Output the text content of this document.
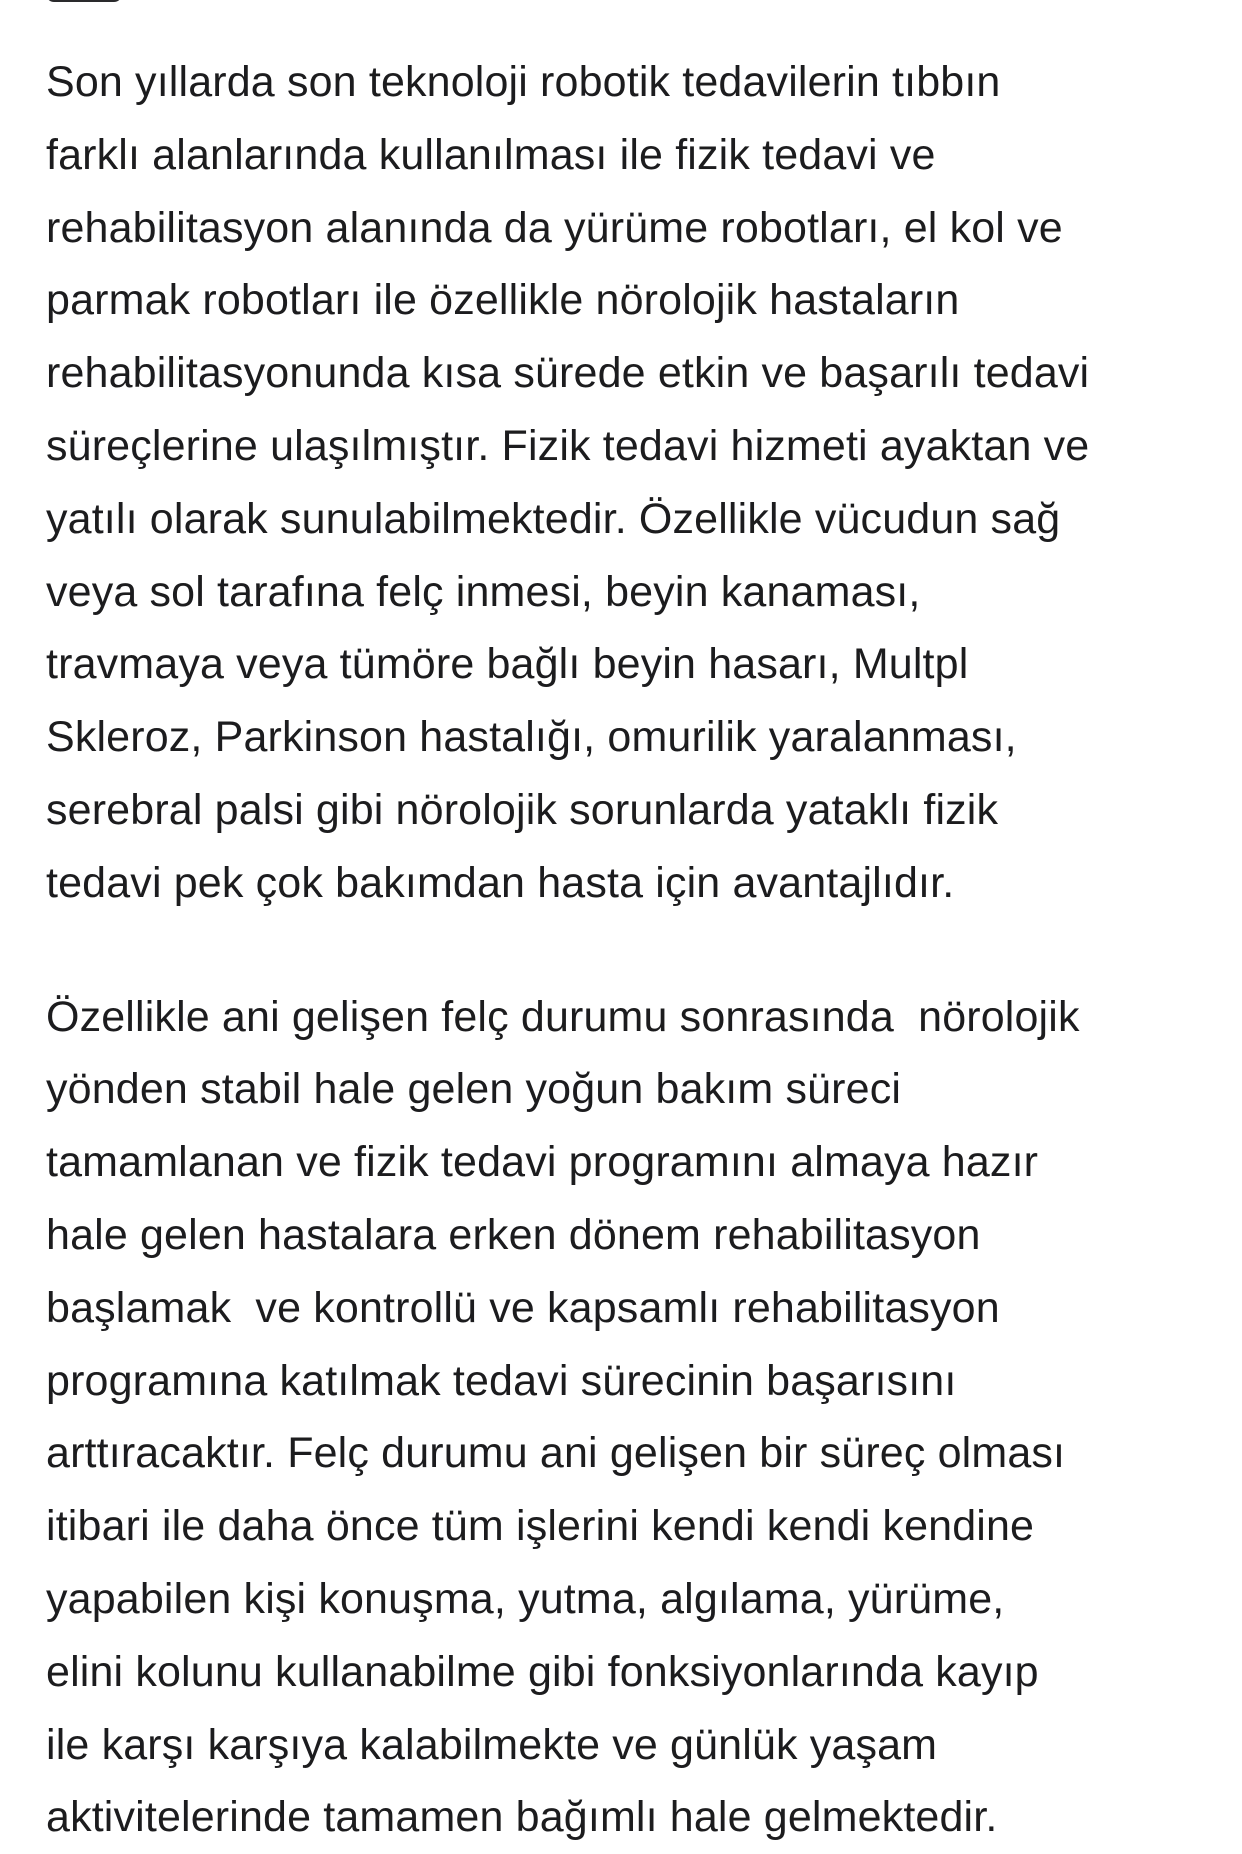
Son yıllarda son teknoloji robotik tedavilerin tıbbın
farklı alanlarında kullanılması ile fizik tedavi ve
rehabilitasyon alanında da yürüme robotları, el kol ve
parmak robotları ile özellikle nörolojik hastaların
rehabilitasyonunda kısa sürede etkin ve başarılı tedavi
süreçlerine ulaşılmıştır. Fizik tedavi hizmeti ayaktan ve
yatılı olarak sunulabilmektedir. Özellikle vücudun sağ
veya sol tarafına felç inmesi, beyin kanaması,
travmaya veya tümöre bağlı beyin hasarı, Multpl
Skleroz, Parkinson hastalığı, omurilik yaralanması,
serebral palsi gibi nörolojik sorunlarda yataklı fizik
tedavi pek çok bakımdan hasta için avantajlıdır.

Özellikle ani gelişen felç durumu sonrasında  nörolojik
yönden stabil hale gelen yoğun bakım süreci
tamamlanan ve fizik tedavi programını almaya hazır
hale gelen hastalara erken dönem rehabilitasyon
başlamak  ve kontrollü ve kapsamlı rehabilitasyon
programına katılmak tedavi sürecinin başarısını
arttıracaktır. Felç durumu ani gelişen bir süreç olması
itibari ile daha önce tüm işlerini kendi kendi kendine
yapabilen kişi konuşma, yutma, algılama, yürüme,
elini kolunu kullanabilme gibi fonksiyonlarında kayıp
ile karşı karşıya kalabilmekte ve günlük yaşam
aktivitelerinde tamamen bağımlı hale gelmektedir.
